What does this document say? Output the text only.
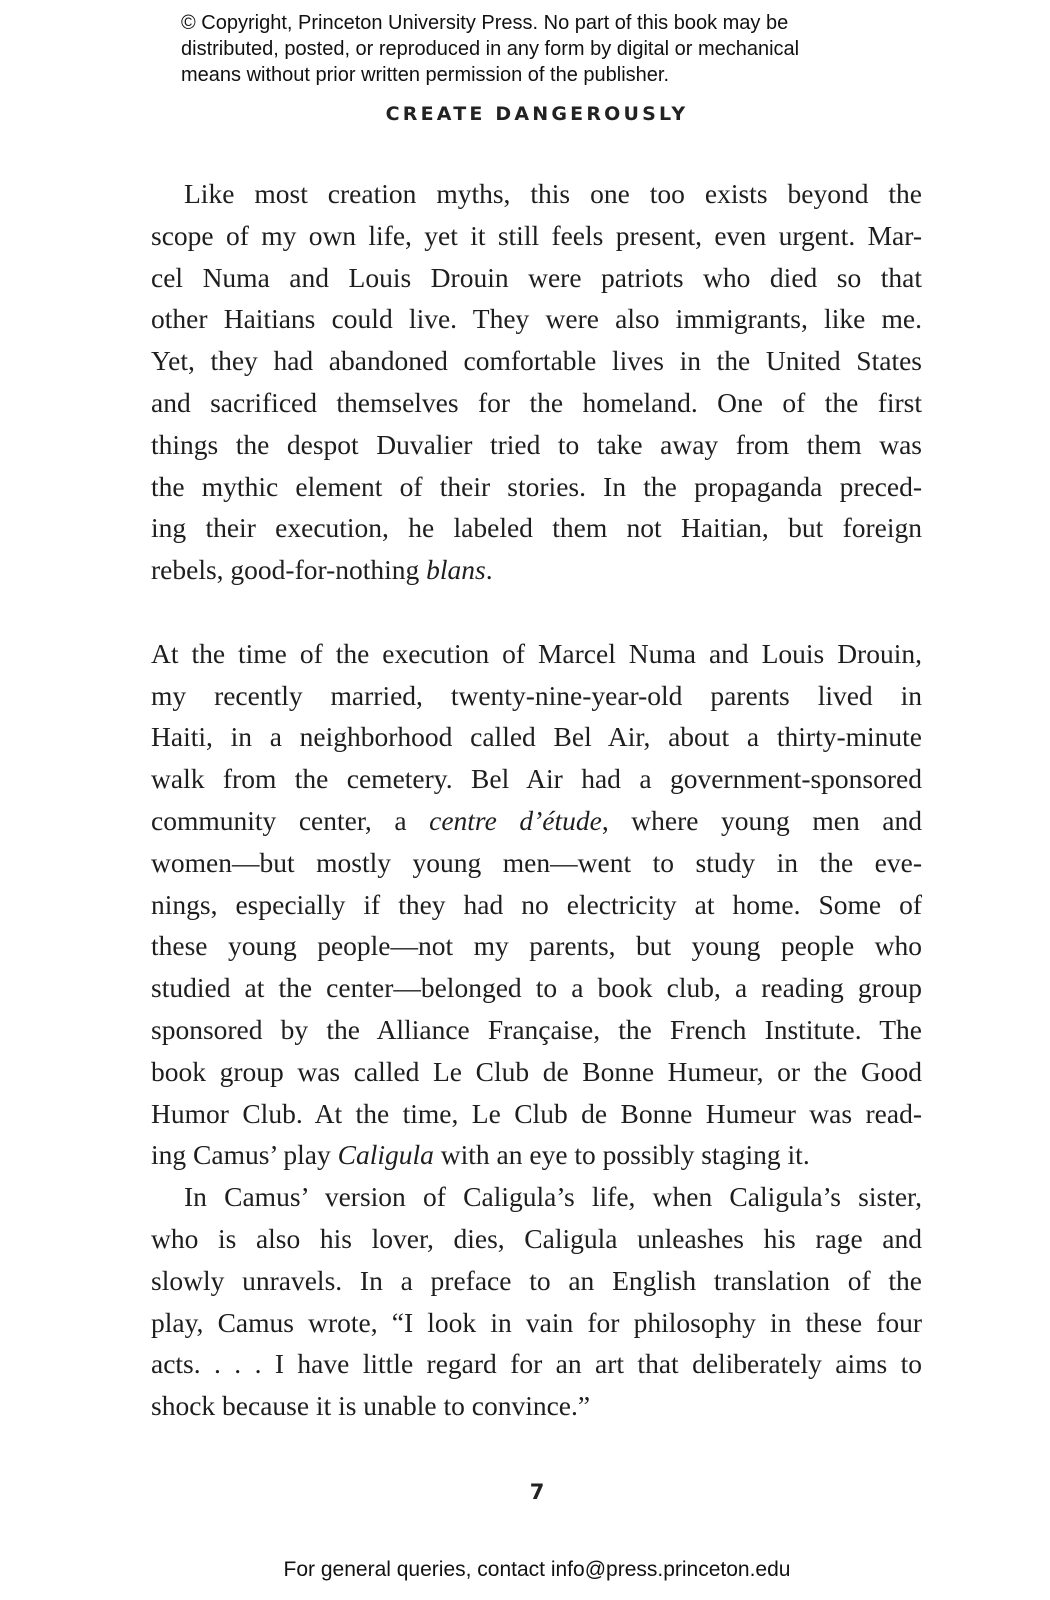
© Copyright, Princeton University Press. No part of this book may be
distributed, posted, or reproduced in any form by digital or mechanical
means without prior written permission of the publisher.
CREATE DANGEROUSLY

Like most creation myths, this one too exists beyond the
scope of my own life, yet it still feels present, even urgent. Mar-
cel Numa and Louis Drouin were patriots who died so that
other Haitians could live. They were also immigrants, like me.
Yet, they had abandoned comfortable lives in the United States
and sacrificed themselves for the homeland. One of the first
things the despot Duvalier tried to take away from them was
the mythic element of their stories. In the propaganda preced-
ing their execution, he labeled them not Haitian, but foreign
rebels, good-for-nothing blans.

At the time of the execution of Marcel Numa and Louis Drouin,
my recently married, twenty-nine-year-old parents lived in
Haiti, in a neighborhood called Bel Air, about a thirty-minute
walk from the cemetery. Bel Air had a government-sponsored
community center, a centre d’étude, where young men and
women—but mostly young men—went to study in the eve-
nings, especially if they had no electricity at home. Some of
these young people—not my parents, but young people who
studied at the center—belonged to a book club, a reading group
sponsored by the Alliance Française, the French Institute. The
book group was called Le Club de Bonne Humeur, or the Good
Humor Club. At the time, Le Club de Bonne Humeur was read-
ing Camus’ play Caligula with an eye to possibly staging it.

In Camus’ version of Caligula’s life, when Caligula’s sister,
who is also his lover, dies, Caligula unleashes his rage and
slowly unravels. In a preface to an English translation of the
play, Camus wrote, “I look in vain for philosophy in these four
acts. . . . I have little regard for an art that deliberately aims to
shock because it is unable to convince.”

7
For general queries, contact info@press.princeton.edu
